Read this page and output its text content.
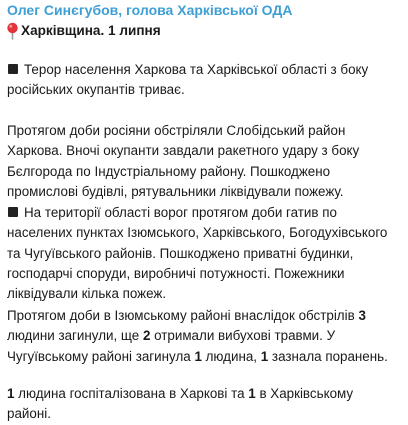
Олег Синєгубов, голова Харківської ОДА
Харківщина. 1 липня

Терор населення Харкова та Харківської області з боку російських окупантів триває.

Протягом доби росіяни обстріляли Слобідський район Харкова. Вночі окупанти завдали ракетного удару з боку Бєлгорода по Індустріальному району. Пошкоджено промислові будівлі, рятувальники ліквідували пожежу.

На території області ворог протягом доби гатив по населених пунктах Ізюмського, Харківського, Богодухівського та Чугуївського районів. Пошкоджено приватні будинки, господарчі споруди, виробничі потужності. Пожежники ліквідували кілька пожеж.

Протягом доби в Ізюмському районі внаслідок обстрілів 3 людини загинули, ще 2 отримали вибухові травми. У Чугуївському районі загинула 1 людина, 1 зазнала поранень.

1 людина госпіталізована в Харкові та 1 в Харківському районі.
